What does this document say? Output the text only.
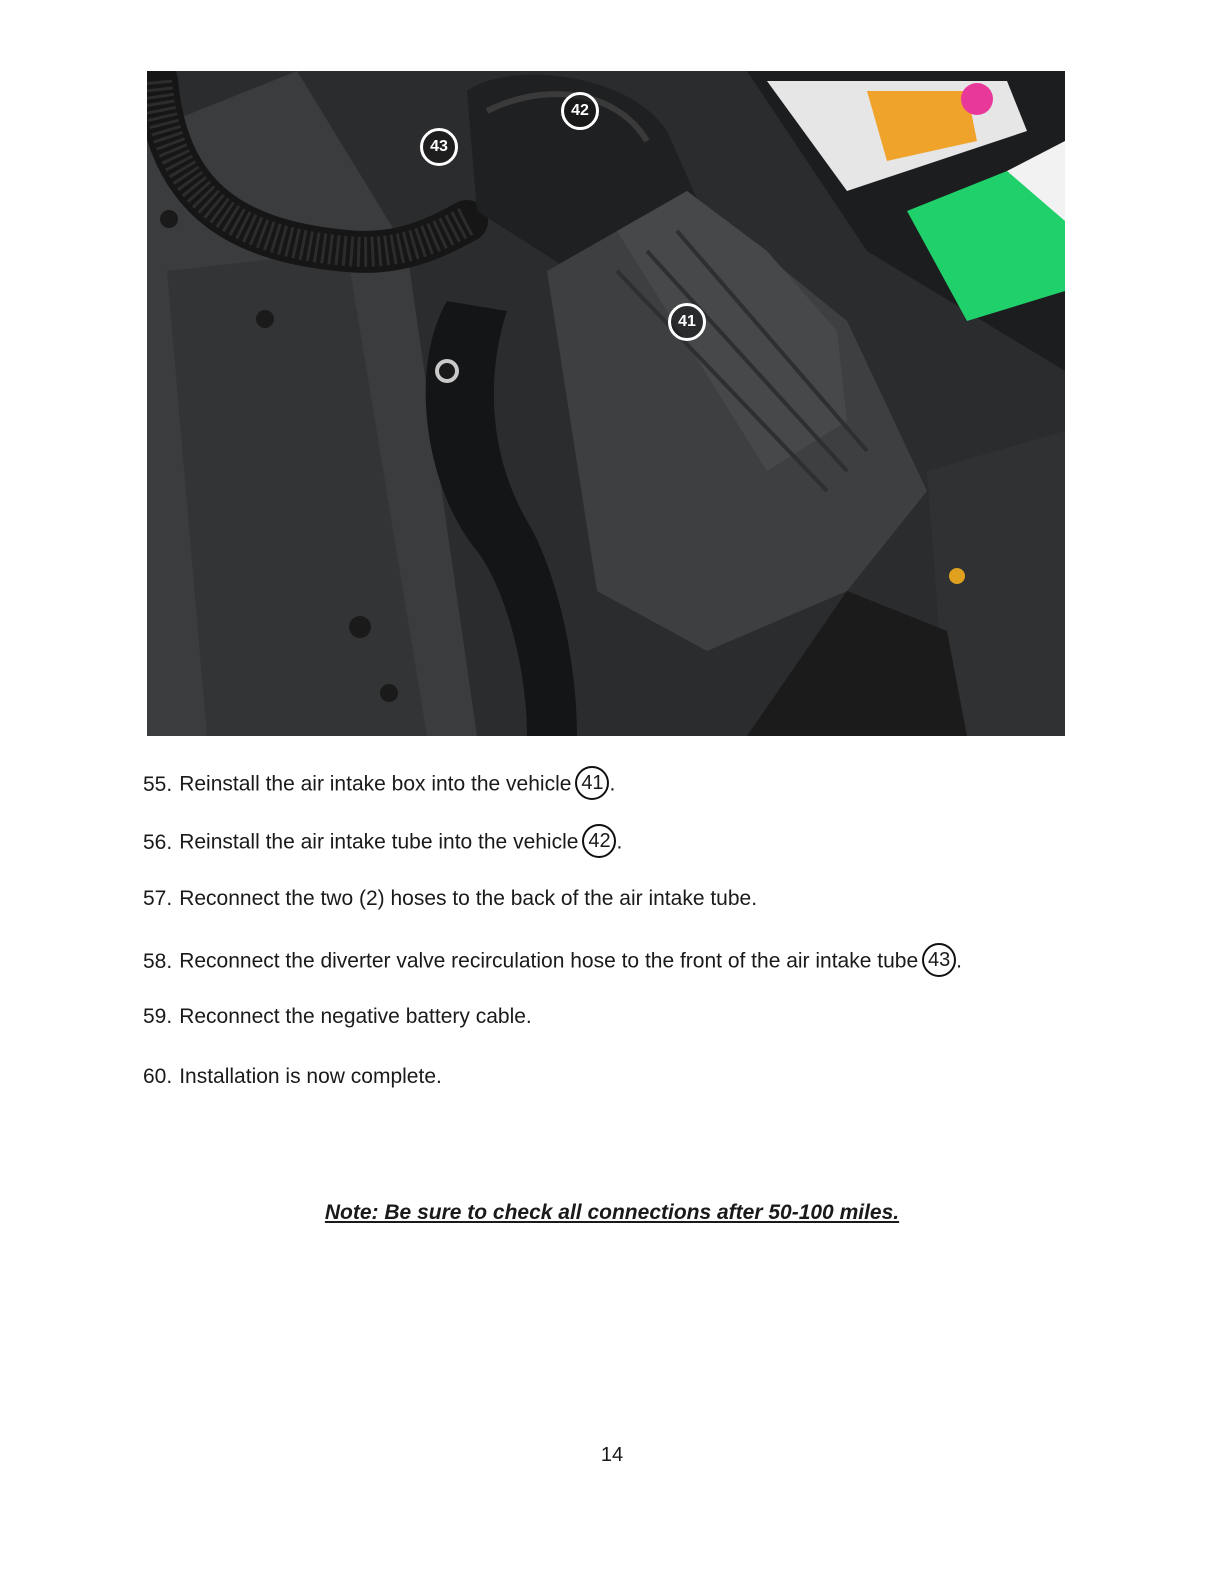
42
43
41
55. Reinstall the air intake box into the vehicle 41 .
56. Reinstall the air intake tube into the vehicle 42 .
57. Reconnect the two (2) hoses to the back of the air intake tube.
58. Reconnect the diverter valve recirculation hose to the front of the air intake tube 43 .
59. Reconnect the negative battery cable.
60. Installation is now complete.
Note: Be sure to check all connections after 50-100 miles.
14
